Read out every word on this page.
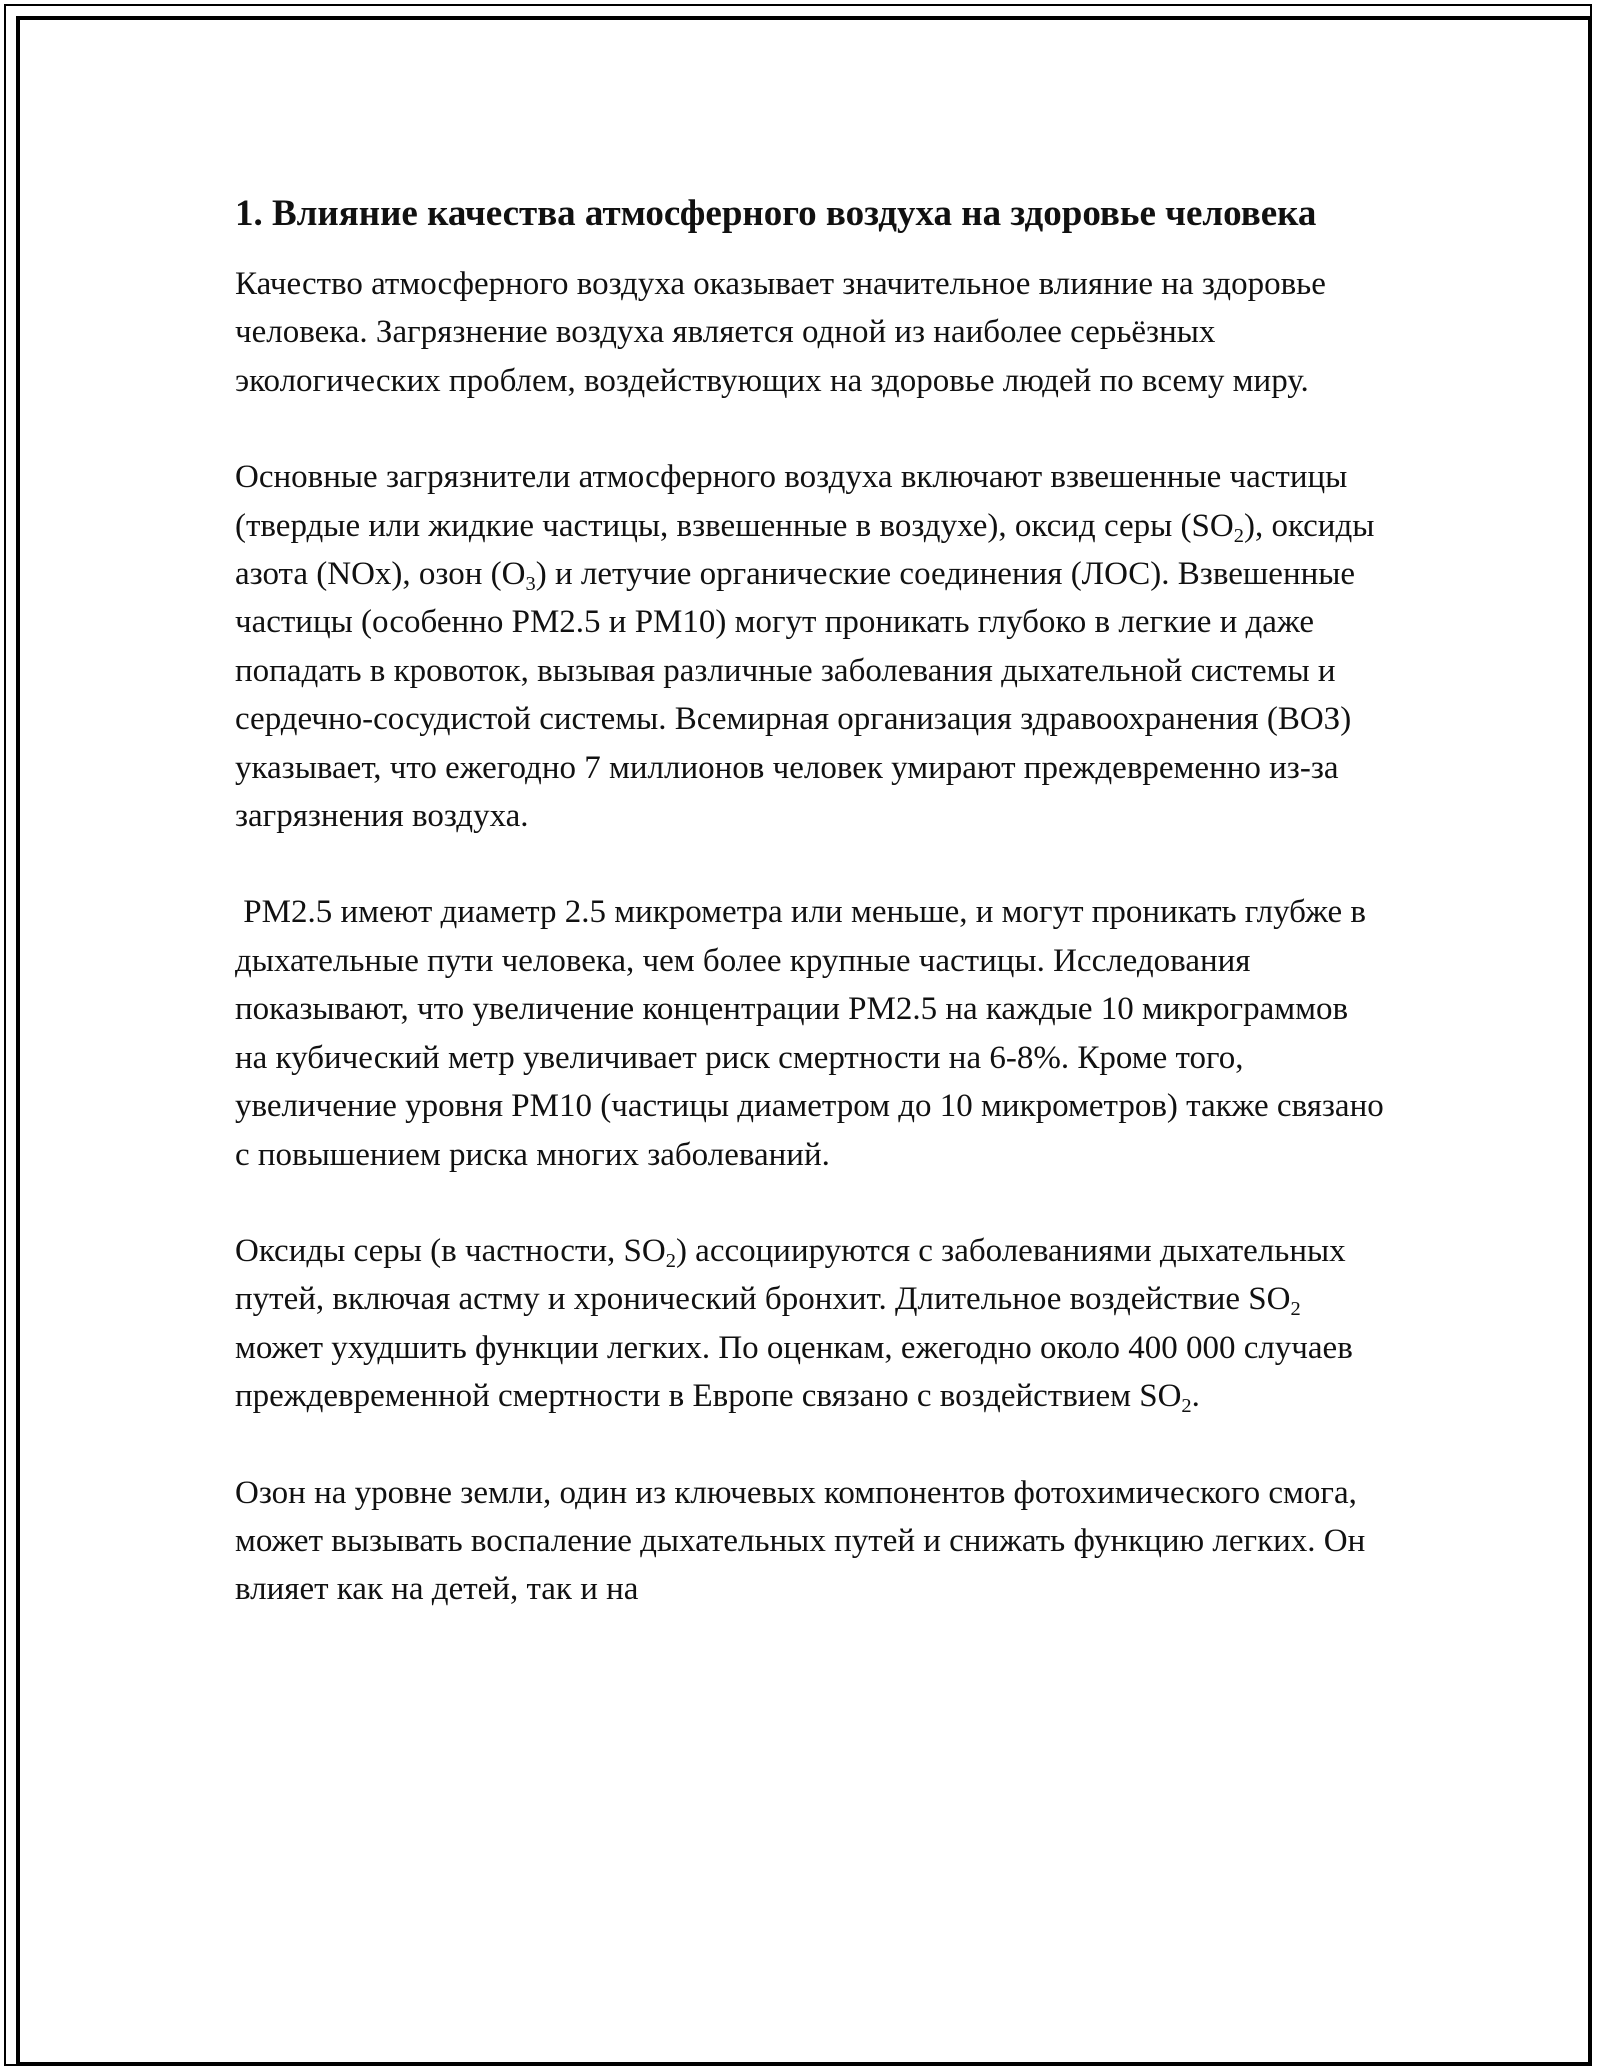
1. Влияние качества атмосферного воздуха на здоровье человека

Качество атмосферного воздуха оказывает значительное влияние на здоровье человека. Загрязнение воздуха является одной из наиболее серьёзных экологических проблем, воздействующих на здоровье людей по всему миру.

Основные загрязнители атмосферного воздуха включают взвешенные частицы (твердые или жидкие частицы, взвешенные в воздухе), оксид серы $(SO_2)$, оксиды азота (NOx), озон $(O_3)$ и летучие органические соединения (ЛОС). Взвешенные частицы (особенно PM2.5 и PM10) могут проникать глубоко в легкие и даже попадать в кровоток, вызывая различные заболевания дыхательной системы и сердечно-сосудистой системы. Всемирная организация здравоохранения (ВОЗ) указывает, что ежегодно 7 миллионов человек умирают преждевременно из-за загрязнения воздуха.

PM2.5 имеют диаметр 2.5 микрометра или меньше, и могут проникать глубже в дыхательные пути человека, чем более крупные частицы. Исследования показывают, что увеличение концентрации PM2.5 на каждые 10 микрограммов на кубический метр увеличивает риск смертности на 6-8%. Кроме того, увеличение уровня PM10 (частицы диаметром до 10 микрометров) также связано с повышением риска многих заболеваний.

Оксиды серы (в частности, $SO_2$) ассоциируются с заболеваниями дыхательных путей, включая астму и хронический бронхит. Длительное воздействие $SO_2$ может ухудшить функции легких. По оценкам, ежегодно около 400 000 случаев преждевременной смертности в Европе связано с воздействием $SO_2$.

Озон на уровне земли, один из ключевых компонентов фотохимического смога, может вызывать воспаление дыхательных путей и снижать функцию легких. Он влияет как на детей, так и на
